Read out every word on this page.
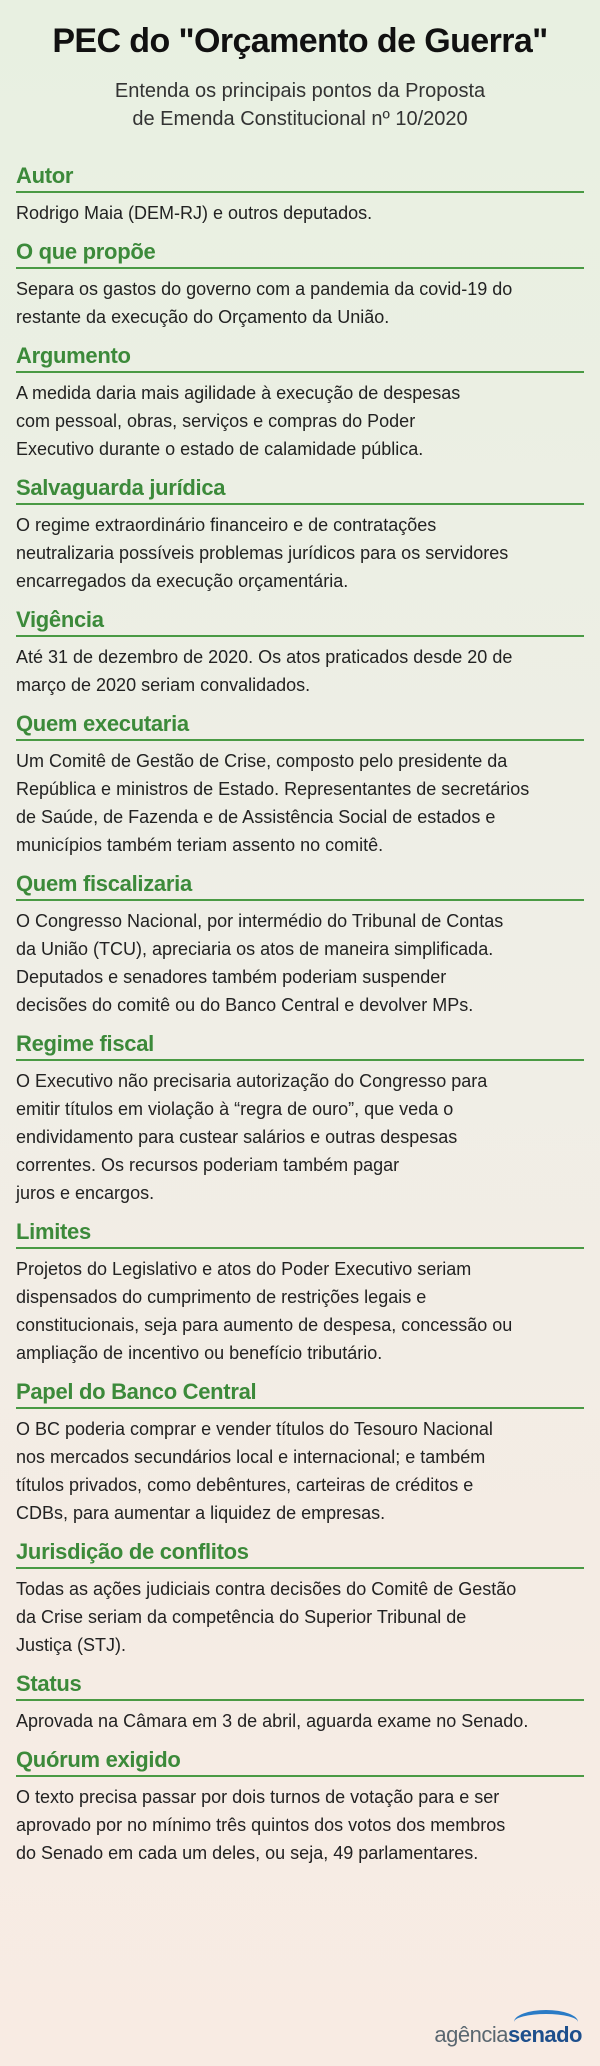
PEC do "Orçamento de Guerra"
Entenda os principais pontos da Proposta
de Emenda Constitucional nº 10/2020
Autor
Rodrigo Maia (DEM-RJ) e outros deputados.
O que propõe
Separa os gastos do governo com a pandemia da covid-19 do
restante da execução do Orçamento da União.
Argumento
A medida daria mais agilidade à execução de despesas
com pessoal, obras, serviços e compras do Poder
Executivo durante o estado de calamidade pública.
Salvaguarda jurídica
O regime extraordinário financeiro e de contratações
neutralizaria possíveis problemas jurídicos para os servidores
encarregados da execução orçamentária.
Vigência
Até 31 de dezembro de 2020. Os atos praticados desde 20 de
março de 2020 seriam convalidados.
Quem executaria
Um Comitê de Gestão de Crise, composto pelo presidente da
República e ministros de Estado. Representantes de secretários
de Saúde, de Fazenda e de Assistência Social de estados e
municípios também teriam assento no comitê.
Quem fiscalizaria
O Congresso Nacional, por intermédio do Tribunal de Contas
da União (TCU), apreciaria os atos de maneira simplificada.
Deputados e senadores também poderiam suspender
decisões do comitê ou do Banco Central e devolver MPs.
Regime fiscal
O Executivo não precisaria autorização do Congresso para
emitir títulos em violação à “regra de ouro”, que veda o
endividamento para custear salários e outras despesas
correntes. Os recursos poderiam também pagar
juros e encargos.
Limites
Projetos do Legislativo e atos do Poder Executivo seriam
dispensados do cumprimento de restrições legais e
constitucionais, seja para aumento de despesa, concessão ou
ampliação de incentivo ou benefício tributário.
Papel do Banco Central
O BC poderia comprar e vender títulos do Tesouro Nacional
nos mercados secundários local e internacional; e também
títulos privados, como debêntures, carteiras de créditos e
CDBs, para aumentar a liquidez de empresas.
Jurisdição de conflitos
Todas as ações judiciais contra decisões do Comitê de Gestão
da Crise seriam da competência do Superior Tribunal de
Justiça (STJ).
Status
Aprovada na Câmara em 3 de abril, aguarda exame no Senado.
Quórum exigido
O texto precisa passar por dois turnos de votação para e ser
aprovado por no mínimo três quintos dos votos dos membros
do Senado em cada um deles, ou seja, 49 parlamentares.
agência senado
